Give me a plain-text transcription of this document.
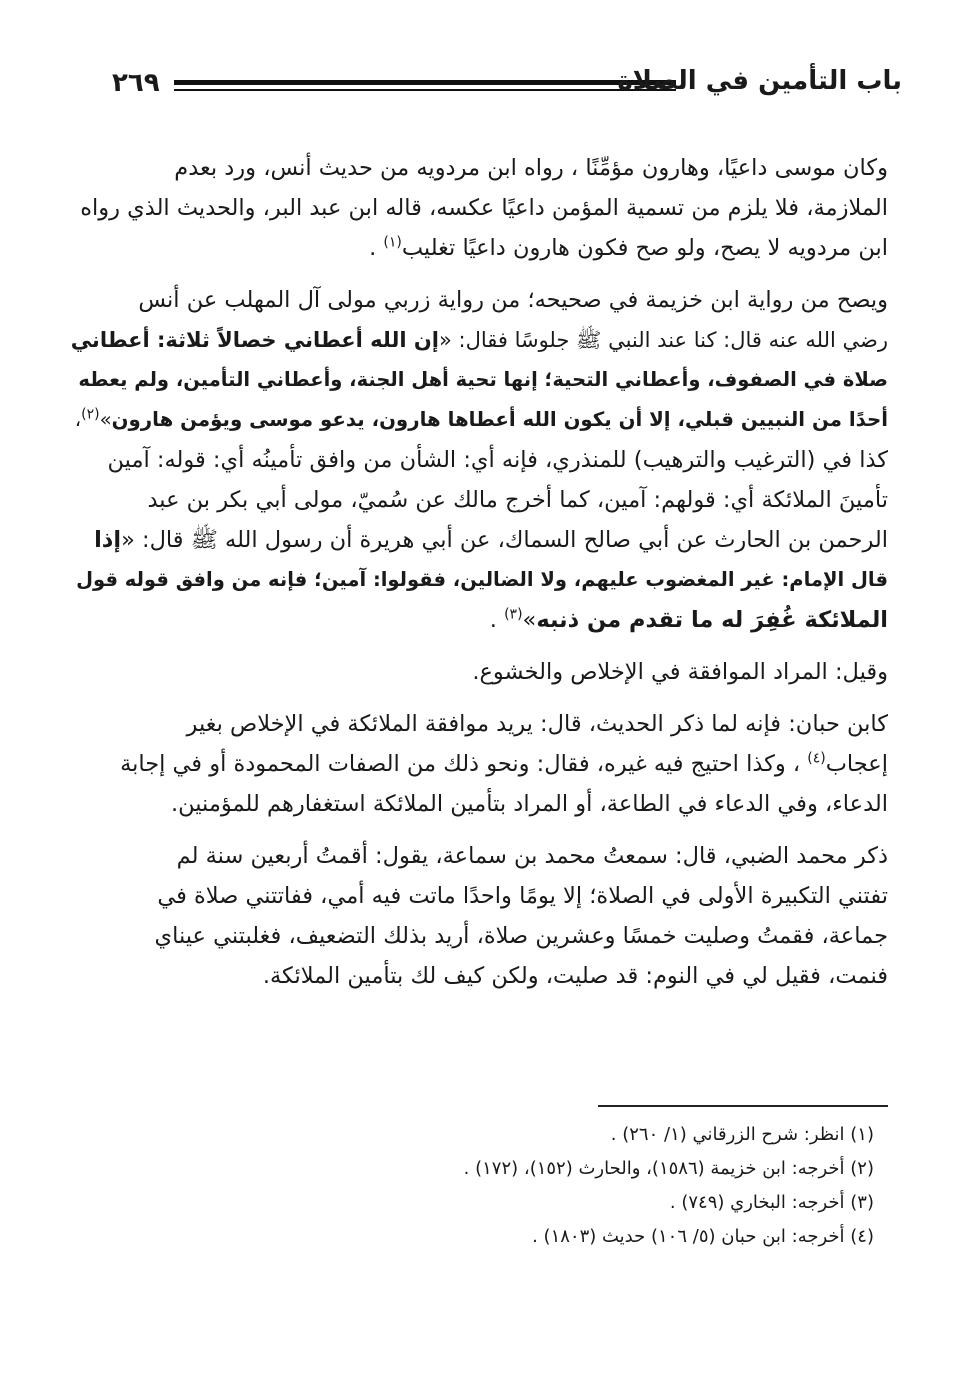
٢٦٩	باب التأمين في الصلاة

وكان موسى داعيًا، وهارون مؤمِّنًا ، رواه ابن مردويه من حديث أنس، ورد بعدم
الملازمة، فلا يلزم من تسمية المؤمن داعيًا عكسه، قاله ابن عبد البر، والحديث الذي رواه
ابن مردويه لا يصح، ولو صح فكون هارون داعيًا تغليب$^{(١)}$ .

ويصح من رواية ابن خزيمة في صحيحه؛ من رواية زربي مولى آل المهلب عن أنس
رضي الله عنه قال: كنا عند النبي ﷺ جلوسًا فقال: «إن الله أعطاني خصالاً ثلاثة: أعطاني
صلاة في الصفوف، وأعطاني التحية؛ إنها تحية أهل الجنة، وأعطاني التأمين، ولم يعطه
أحدًا من النبيين قبلي، إلا أن يكون الله أعطاها هارون، يدعو موسى ويؤمن هارون»$^{(٢)}$،
كذا في (الترغيب والترهيب) للمنذري، فإنه أي: الشأن من وافق تأمينُه أي: قوله: آمين
تأمينَ الملائكة أي: قولهم: آمين، كما أخرج مالك عن سُميّ، مولى أبي بكر بن عبد
الرحمن بن الحارث عن أبي صالح السماك، عن أبي هريرة أن رسول الله ﷺ قال: «إذا
قال الإمام: غير المغضوب عليهم، ولا الضالين، فقولوا: آمين؛ فإنه من وافق قوله قول
الملائكة غُفِرَ له ما تقدم من ذنبه»$^{(٣)}$ .

وقيل: المراد الموافقة في الإخلاص والخشوع.

كابن حبان: فإنه لما ذكر الحديث، قال: يريد موافقة الملائكة في الإخلاص بغير
إعجاب$^{(٤)}$ ، وكذا احتيج فيه غيره، فقال: ونحو ذلك من الصفات المحمودة أو في إجابة
الدعاء، وفي الدعاء في الطاعة، أو المراد بتأمين الملائكة استغفارهم للمؤمنين.

ذكر محمد الضبي، قال: سمعتُ محمد بن سماعة، يقول: أقمتُ أربعين سنة لم
تفتني التكبيرة الأولى في الصلاة؛ إلا يومًا واحدًا ماتت فيه أمي، ففاتتني صلاة في
جماعة، فقمتُ وصليت خمسًا وعشرين صلاة، أريد بذلك التضعيف، فغلبتني عيناي
فنمت، فقيل لي في النوم: قد صليت، ولكن كيف لك بتأمين الملائكة.

(١) انظر: شرح الزرقاني (١/ ٢٦٠) .
(٢) أخرجه: ابن خزيمة (١٥٨٦)، والحارث (١٥٢)، (١٧٢) .
(٣) أخرجه: البخاري (٧٤٩) .
(٤) أخرجه: ابن حبان (٥/ ١٠٦) حديث (١٨٠٣) .
